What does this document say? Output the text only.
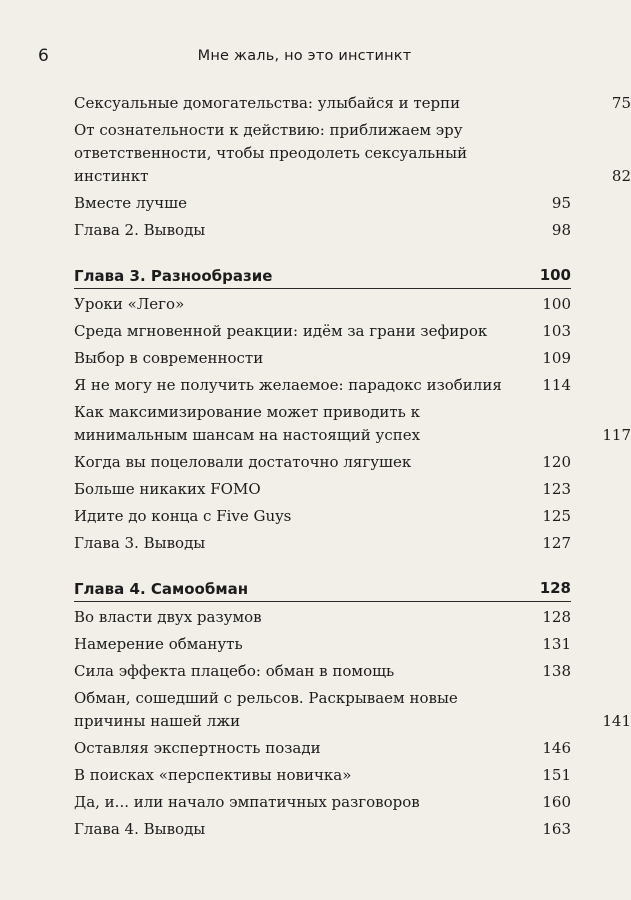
6	Мне жаль, но это инстинкт
Сексуальные домогательства: улыбайся и терпи	75
От сознательности к действию: приближаем эру ответственности, чтобы преодолеть сексуальный инстинкт	82
Вместе лучше	95
Глава 2. Выводы	98
Глава 3. Разнообразие	100
Уроки «Лего»	100
Среда мгновенной реакции: идём за грани зефирок	103
Выбор в современности	109
Я не могу не получить желаемое: парадокс изобилия	114
Как максимизирование может приводить к минимальным шансам на настоящий успех	117
Когда вы поцеловали достаточно лягушек	120
Больше никаких FOMO	123
Идите до конца с Five Guys	125
Глава 3. Выводы	127
Глава 4. Самообман	128
Во власти двух разумов	128
Намерение обмануть	131
Сила эффекта плацебо: обман в помощь	138
Обман, сошедший с рельсов. Раскрываем новые причины нашей лжи	141
Оставляя экспертность позади	146
В поисках «перспективы новичка»	151
Да, и... или начало эмпатичных разговоров	160
Глава 4. Выводы	163
